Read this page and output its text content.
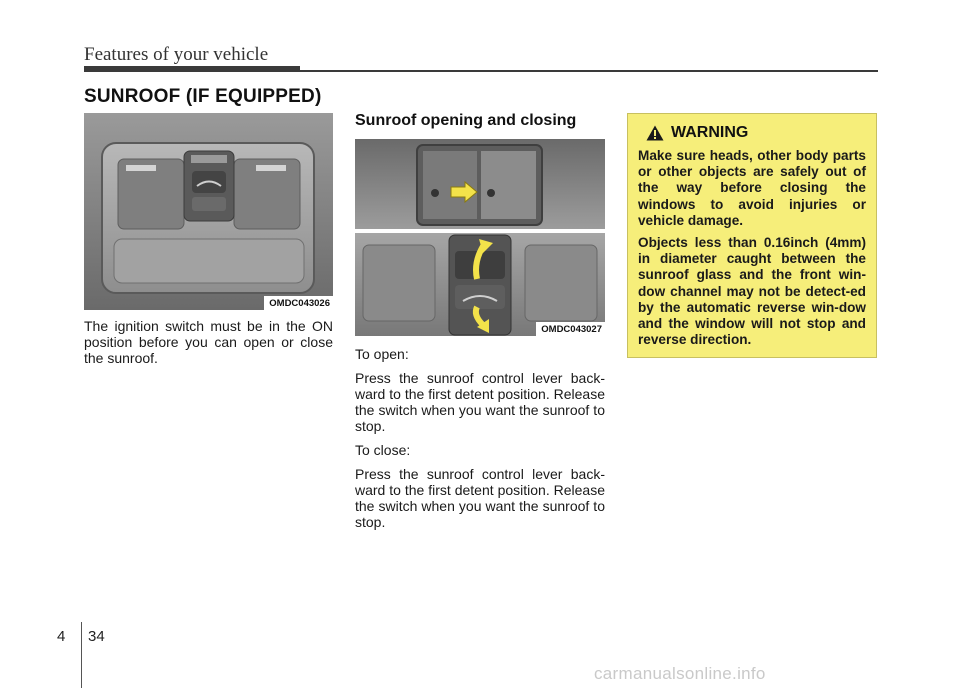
Features of your vehicle
SUNROOF (IF EQUIPPED)
OMDC043026

The ignition switch must be in the ON position before you can open or close the sunroof.

Sunroof opening and closing
OMDC043027

To open:

Press the sunroof control lever back-ward to the first detent position. Release the switch when you want the sunroof to stop.

To close:

Press the sunroof control lever back-ward to the first detent position. Release the switch when you want the sunroof to stop.

WARNING

Make sure heads, other body parts or other objects are safely out of the way before closing the windows to avoid injuries or vehicle damage.

Objects less than 0.16inch (4mm) in diameter caught between the sunroof glass and the front win-dow channel may not be detect-ed by the automatic reverse win-dow and the window will not stop and reverse direction.

4 34
carmanualsonline.info
